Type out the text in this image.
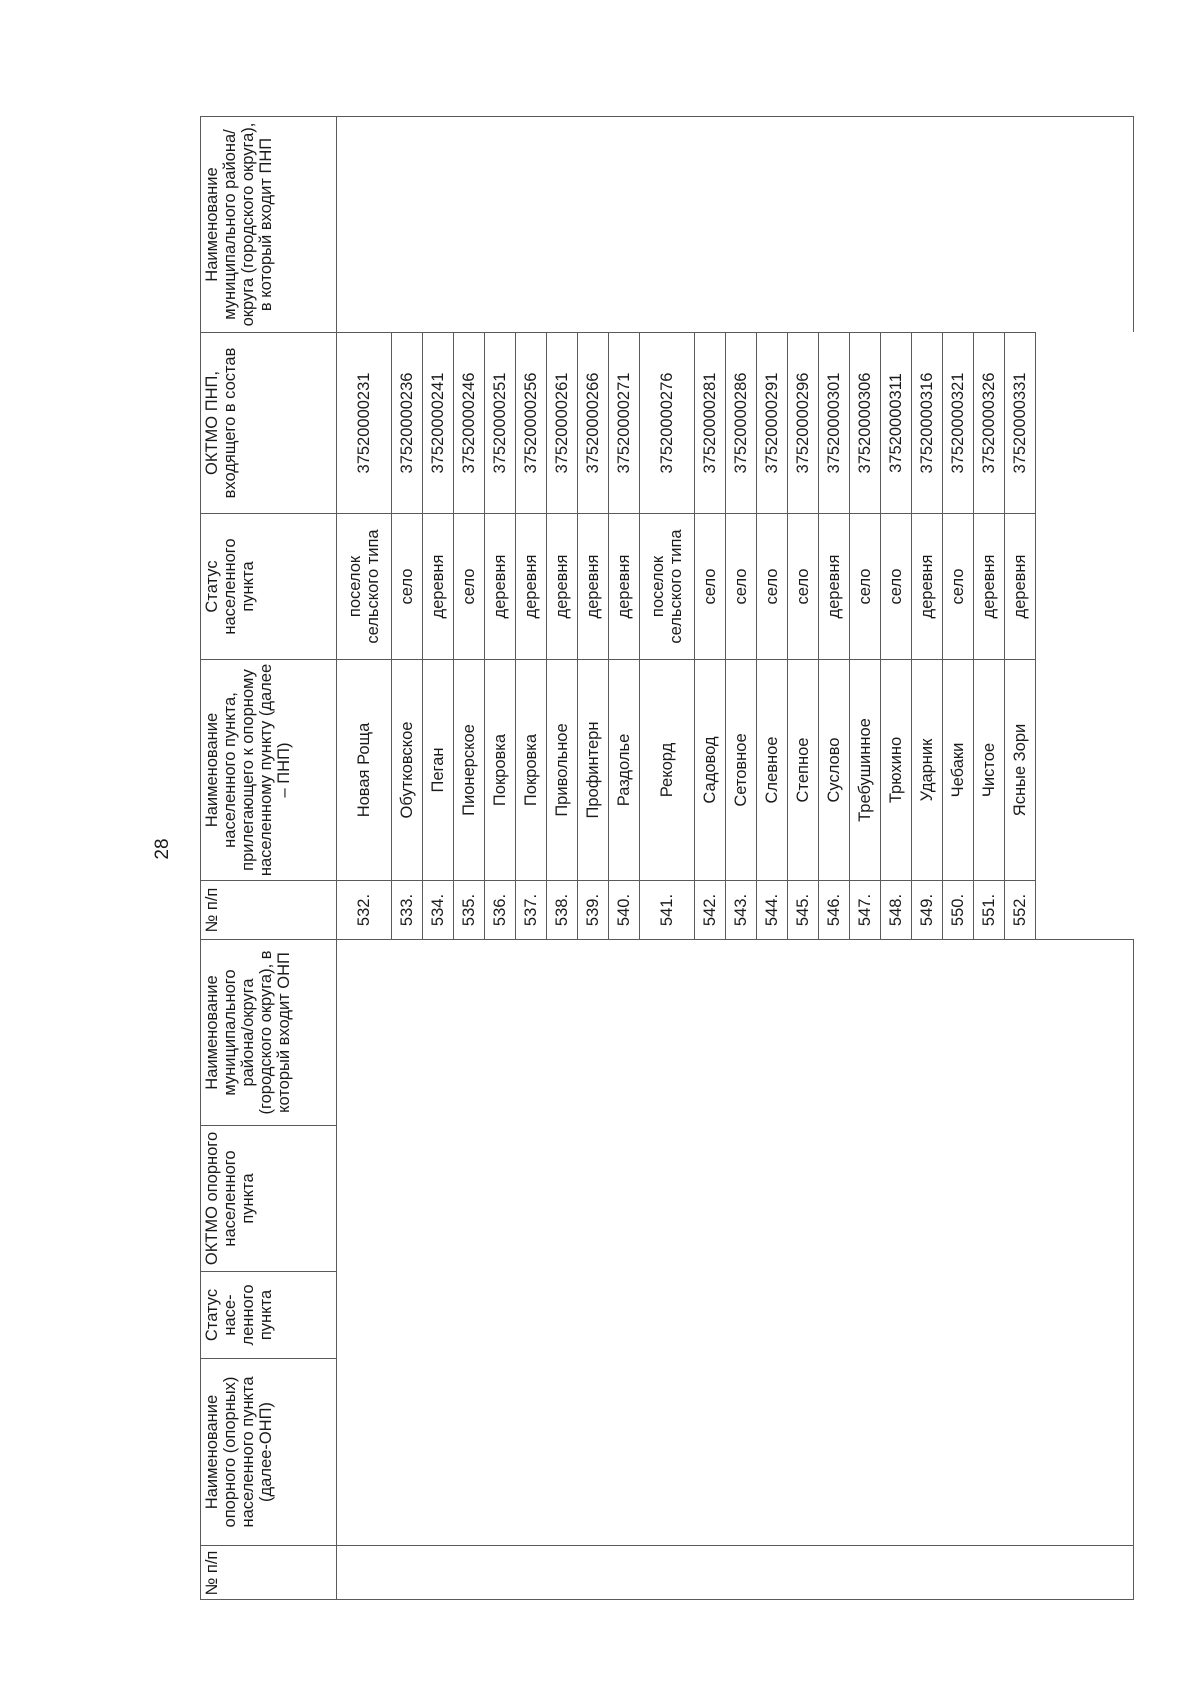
28
№ п/п
Наименование опорного (опорных) населенного пункта (далее-ОНП)
Статус насе-ленного пункта
ОКТМО опорного населенного пункта
Наименование муниципального района/округа (городского округа), в который входит ОНП
№ п/п
Наименование населенного пункта, прилегающего к опорному населенному пункту (далее – ПНП)
Статус населенного пункта
ОКТМО ПНП, входящего в состав
Наименование муниципального района/округа (городского округа), в который входит ПНП
532.
Новая Роща
поселок сельского типа
37520000231
533.
Обутковское
село
37520000236
534.
Пеган
деревня
37520000241
535.
Пионерское
село
37520000246
536.
Покровка
деревня
37520000251
537.
Покровка
деревня
37520000256
538.
Привольное
деревня
37520000261
539.
Профинтерн
деревня
37520000266
540.
Раздолье
деревня
37520000271
541.
Рекорд
поселок сельского типа
37520000276
542.
Садовод
село
37520000281
543.
Сетовное
село
37520000286
544.
Слевное
село
37520000291
545.
Степное
село
37520000296
546.
Суслово
деревня
37520000301
547.
Требушинное
село
37520000306
548.
Трюхино
село
37520000311
549.
Ударник
деревня
37520000316
550.
Чебаки
село
37520000321
551.
Чистое
деревня
37520000326
552.
Ясные Зори
деревня
37520000331
